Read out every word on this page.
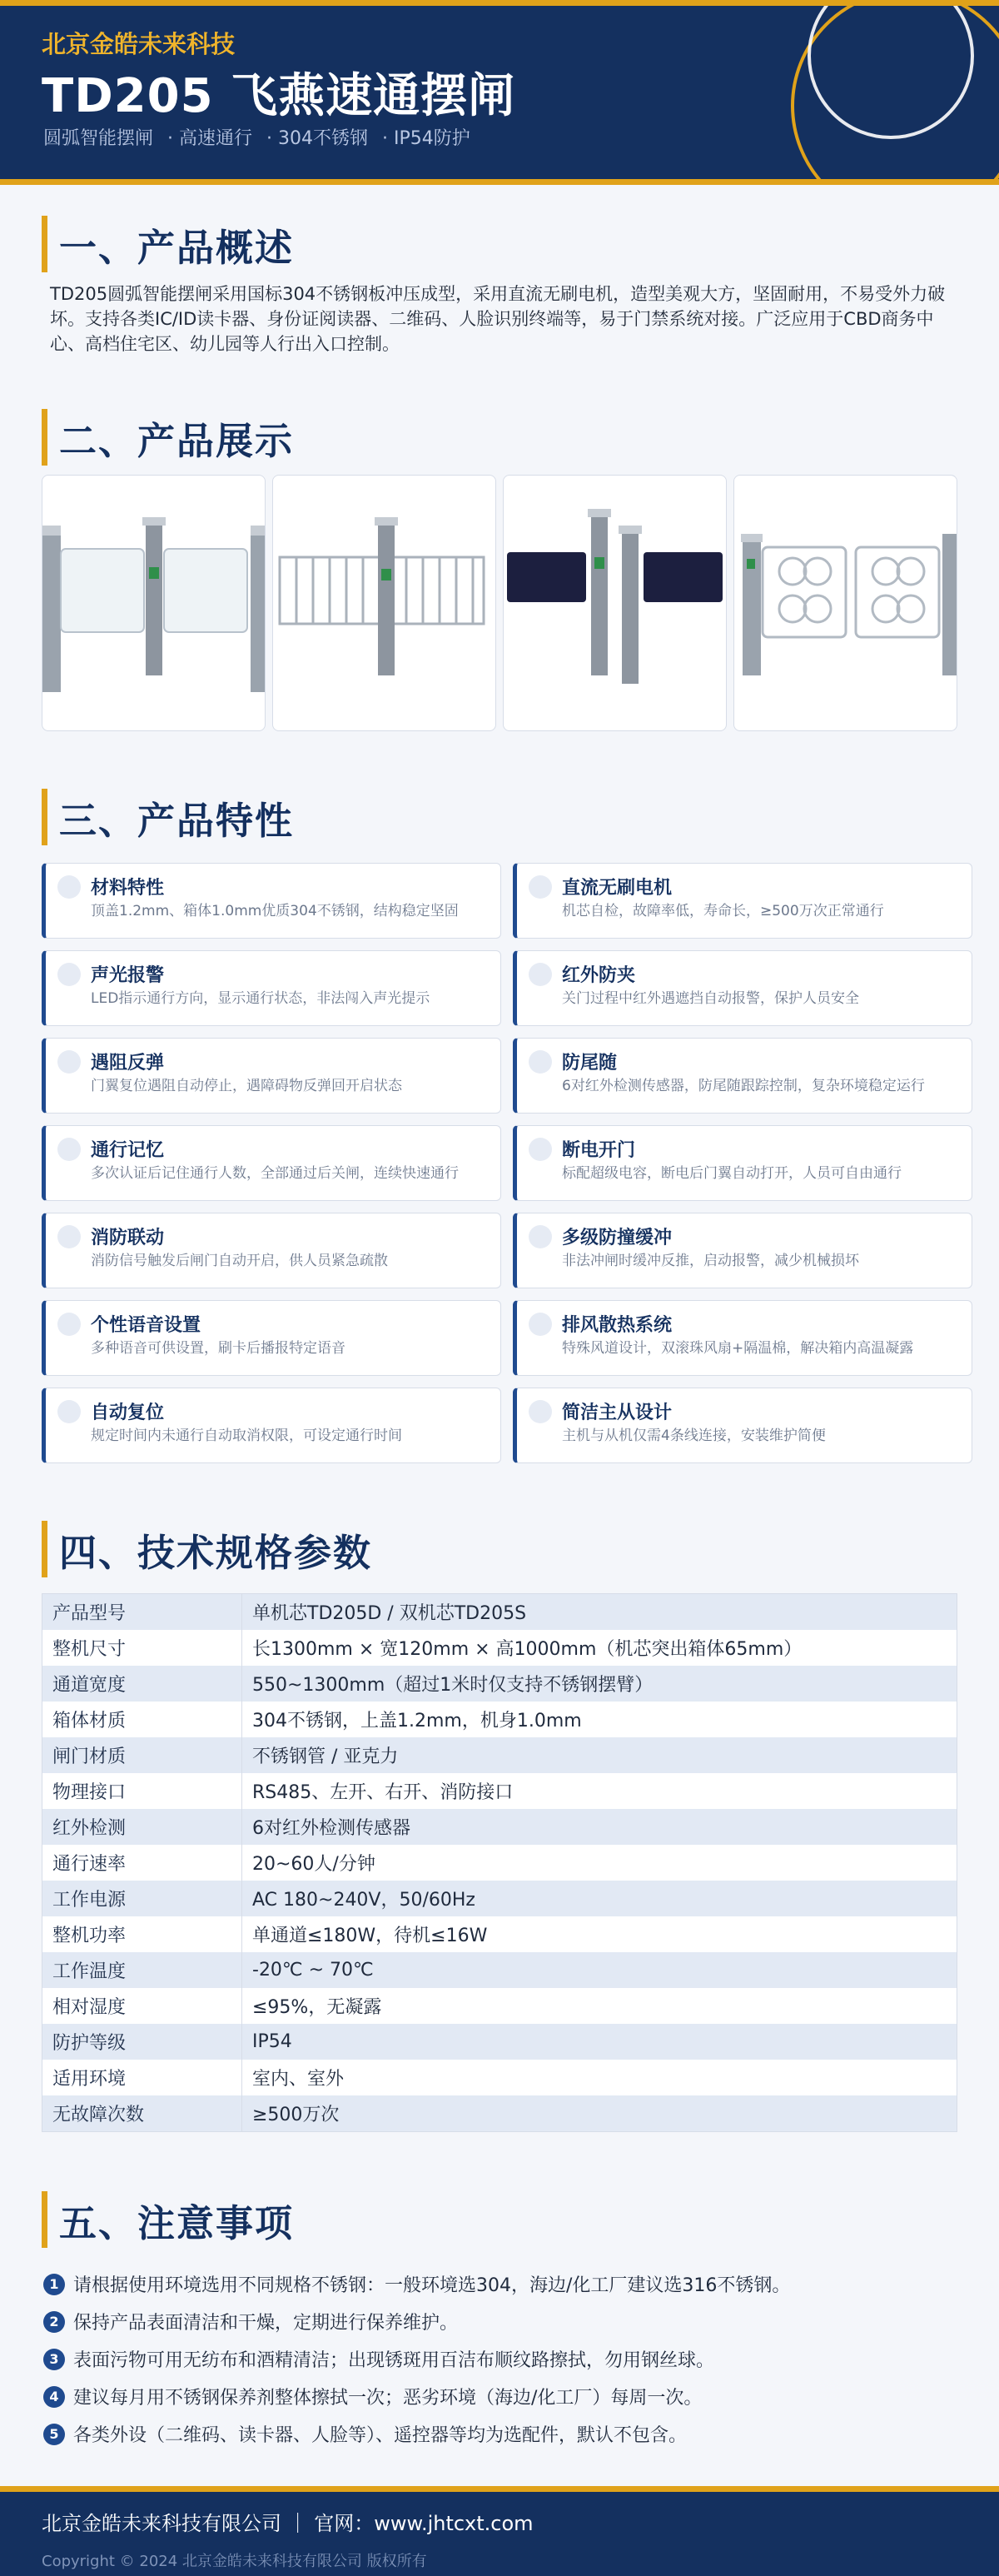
北京金皓未来科技
TD205 飞燕速通摆闸
圆弧智能摆闸 · 高速通行 · 304不锈钢 · IP54防护
一、产品概述
TD205圆弧智能摆闸采用国标304不锈钢板冲压成型，采用直流无刷电机，造型美观大方，坚固耐用，不易受外力破坏。支持各类IC/ID读卡器、身份证阅读器、二维码、人脸识别终端等，易于门禁系统对接。广泛应用于CBD商务中心、高档住宅区、幼儿园等人行出入口控制。
二、产品展示
三、产品特性
材料特性
顶盖1.2mm、箱体1.0mm优质304不锈钢，结构稳定坚固
直流无刷电机
机芯自检，故障率低，寿命长，≥500万次正常通行
声光报警
LED指示通行方向，显示通行状态，非法闯入声光提示
红外防夹
关门过程中红外遇遮挡自动报警，保护人员安全
遇阻反弹
门翼复位遇阻自动停止，遇障碍物反弹回开启状态
防尾随
6对红外检测传感器，防尾随跟踪控制，复杂环境稳定运行
通行记忆
多次认证后记住通行人数，全部通过后关闸，连续快速通行
断电开门
标配超级电容，断电后门翼自动打开，人员可自由通行
消防联动
消防信号触发后闸门自动开启，供人员紧急疏散
多级防撞缓冲
非法冲闸时缓冲反推，启动报警，减少机械损坏
个性语音设置
多种语音可供设置，刷卡后播报特定语音
排风散热系统
特殊风道设计，双滚珠风扇+隔温棉，解决箱内高温凝露
自动复位
规定时间内未通行自动取消权限，可设定通行时间
简洁主从设计
主机与从机仅需4条线连接，安装维护简便
四、技术规格参数
产品型号	单机芯TD205D / 双机芯TD205S
整机尺寸	长1300mm × 宽120mm × 高1000mm（机芯突出箱体65mm）
通道宽度	550~1300mm（超过1米时仅支持不锈钢摆臂）
箱体材质	304不锈钢，上盖1.2mm，机身1.0mm
闸门材质	不锈钢管 / 亚克力
物理接口	RS485、左开、右开、消防接口
红外检测	6对红外检测传感器
通行速率	20~60人/分钟
工作电源	AC 180~240V，50/60Hz
整机功率	单通道≤180W，待机≤16W
工作温度	-20℃ ~ 70℃
相对湿度	≤95%，无凝露
防护等级	IP54
适用环境	室内、室外
无故障次数	≥500万次
五、注意事项
1 请根据使用环境选用不同规格不锈钢：一般环境选304，海边/化工厂建议选316不锈钢。
2 保持产品表面清洁和干燥，定期进行保养维护。
3 表面污物可用无纺布和酒精清洁；出现锈斑用百洁布顺纹路擦拭，勿用钢丝球。
4 建议每月用不锈钢保养剂整体擦拭一次；恶劣环境（海边/化工厂）每周一次。
5 各类外设（二维码、读卡器、人脸等）、遥控器等均为选配件，默认不包含。
北京金皓未来科技有限公司 ｜ 官网：www.jhtcxt.com
Copyright © 2024 北京金皓未来科技有限公司 版权所有
